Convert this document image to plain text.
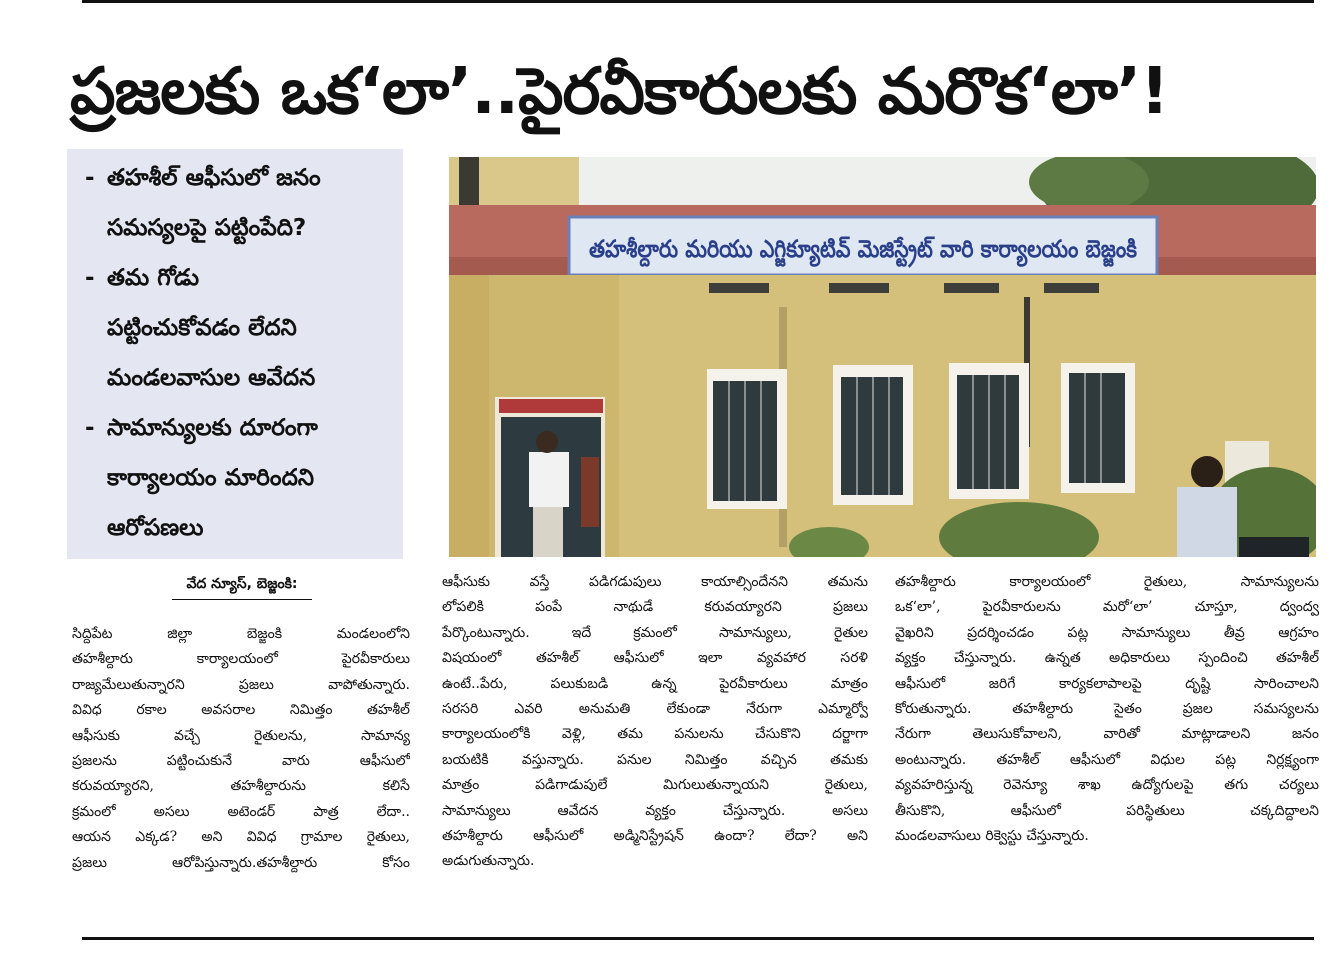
ప్రజలకు ఒక‘లా’..పైరవీకారులకు మరొక‘లా’!
- తహశీల్ ఆఫీసులో జనం
సమస్యలపై పట్టింపేది?
- తమ గోడు
పట్టించుకోవడం లేదని
మండలవాసుల ఆవేదన
- సామాన్యులకు దూరంగా
కార్యాలయం మారిందని
ఆరోపణలు
తహశీల్దారు మరియు ఎగ్జిక్యూటివ్ మెజిస్ట్రేట్ వారి కార్యాలయం బెజ్జంకి
వేద న్యూస్, బెజ్జంకి:
సిద్దిపేట జిల్లా బెజ్జంకి మండలంలోని
తహశీల్దారు కార్యాలయంలో పైరవీకారులు
రాజ్యమేలుతున్నారని ప్రజలు వాపోతున్నారు.
వివిధ రకాల అవసరాల నిమిత్తం తహశీల్
ఆఫీసుకు వచ్చే రైతులను, సామాన్య
ప్రజలను పట్టించుకునే వారు ఆఫీసులో
కరువయ్యారని, తహశీల్దారును కలిసే
క్రమంలో అసలు అటెండర్ పాత్ర లేదా..
ఆయన ఎక్కడ? అని వివిధ గ్రామాల రైతులు,
ప్రజలు ఆరోపిస్తున్నారు.తహశీల్దారు కోసం
ఆఫీసుకు వస్తే పడిగడుపులు కాయాల్సిందేనని తమను
లోపలికి పంపే నాథుడే కరువయ్యారని ప్రజలు
పేర్కొంటున్నారు. ఇదే క్రమంలో సామాన్యులు, రైతుల
విషయంలో తహశీల్ ఆఫీసులో ఇలా వ్యవహార సరళి
ఉంటే..పేరు, పలుకుబడి ఉన్న పైరవీకారులు మాత్రం
సరసరి ఎవరి అనుమతి లేకుండా నేరుగా ఎమ్మార్వో
కార్యాలయంలోకి వెళ్లి, తమ పనులను చేసుకొని దర్జాగా
బయటికి వస్తున్నారు. పనుల నిమిత్తం వచ్చిన తమకు
మాత్రం పడిగాడుపులే మిగులుతున్నాయని రైతులు,
సామాన్యులు ఆవేదన వ్యక్తం చేస్తున్నారు. అసలు
తహశీల్దారు ఆఫీసులో అడ్మినిస్ట్రేషన్ ఉందా? లేదా? అని
అడుగుతున్నారు.
తహశీల్దారు కార్యాలయంలో రైతులు, సామాన్యులను
ఒక‘లా’, పైరవీకారులను మరో‘లా’ చూస్తూ, ద్వంద్వ
వైఖరిని ప్రదర్శించడం పట్ల సామాన్యులు తీవ్ర ఆగ్రహం
వ్యక్తం చేస్తున్నారు. ఉన్నత అధికారులు స్పందించి తహశీల్
ఆఫీసులో జరిగే కార్యకలాపాలపై దృష్టి సారించాలని
కోరుతున్నారు. తహశీల్దారు సైతం ప్రజల సమస్యలను
నేరుగా తెలుసుకోవాలని, వారితో మాట్లాడాలని జనం
అంటున్నారు. తహశీల్ ఆఫీసులో విధుల పట్ల నిర్లక్ష్యంగా
వ్యవహరిస్తున్న రెవెన్యూ శాఖ ఉద్యోగులపై తగు చర్యలు
తీసుకొని, ఆఫీసులో పరిస్థితులు చక్కదిద్దాలని
మండలవాసులు రిక్వెస్టు చేస్తున్నారు.
